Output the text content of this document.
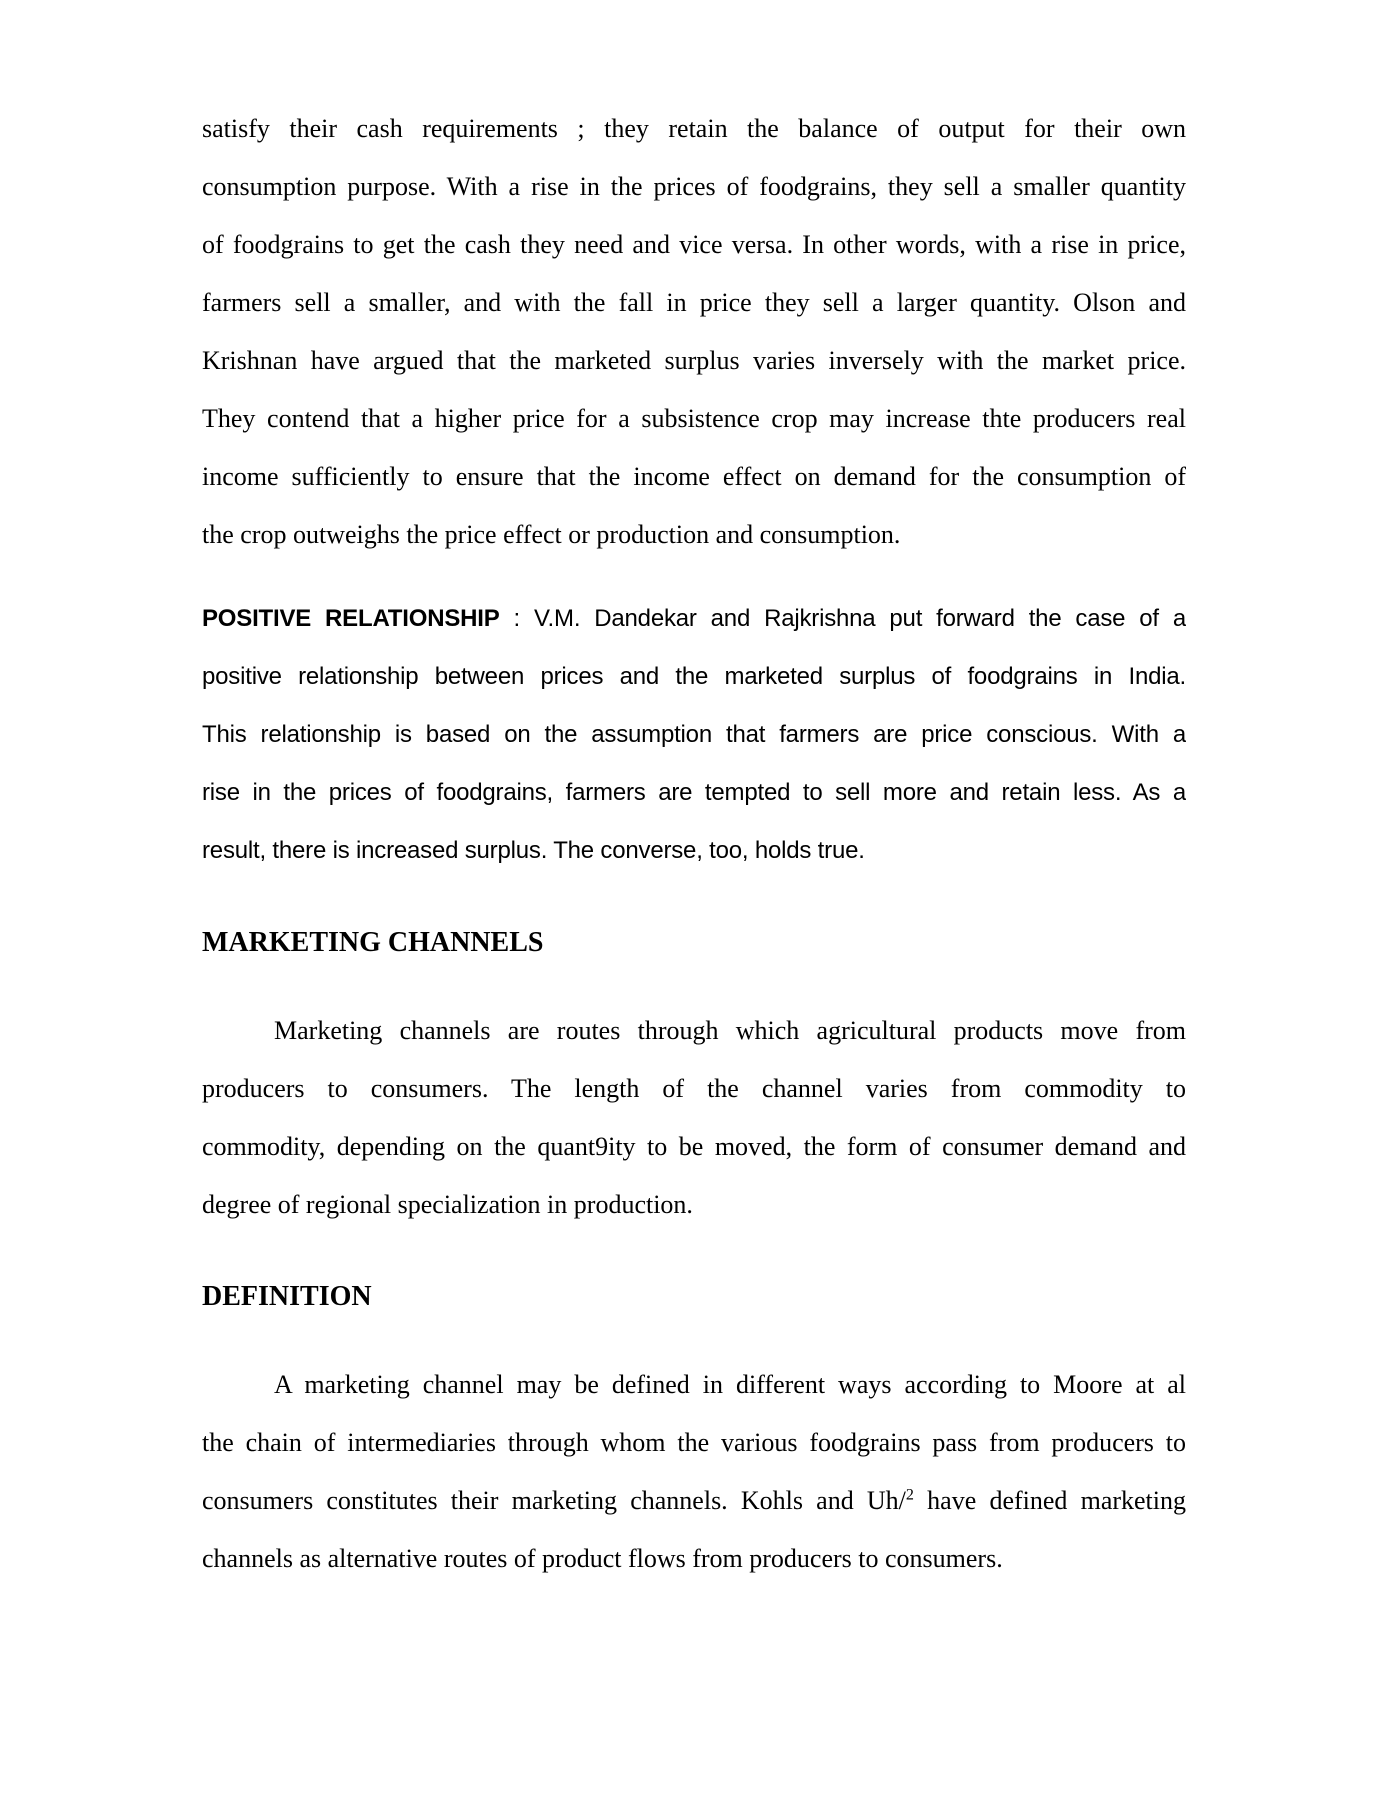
satisfy their cash requirements ; they retain the balance of output for their own
consumption purpose. With a rise in the prices of foodgrains, they sell a smaller quantity
of foodgrains to get the cash they need and vice versa. In other words, with a rise in price,
farmers sell a smaller, and with the fall in price they sell a larger quantity. Olson and
Krishnan have argued that the marketed surplus varies inversely with the market price.
They contend that a higher price for a subsistence crop may increase thte producers real
income sufficiently to ensure that the income effect on demand for the consumption of
the crop outweighs the price effect or production and consumption.
POSITIVE RELATIONSHIP : V.M. Dandekar and Rajkrishna put forward the case of a
positive relationship between prices and the marketed surplus of foodgrains in India.
This relationship is based on the assumption that farmers are price conscious. With a
rise in the prices of foodgrains, farmers are tempted to sell more and retain less. As a
result, there is increased surplus. The converse, too, holds true.
MARKETING CHANNELS
Marketing channels are routes through which agricultural products move from
producers to consumers. The length of the channel varies from commodity to
commodity, depending on the quant9ity to be moved, the form of consumer demand and
degree of regional specialization in production.
DEFINITION
A marketing channel may be defined in different ways according to Moore at al
the chain of intermediaries through whom the various foodgrains pass from producers to
consumers constitutes their marketing channels. Kohls and Uh/$^2$ have defined marketing
channels as alternative routes of product flows from producers to consumers.
